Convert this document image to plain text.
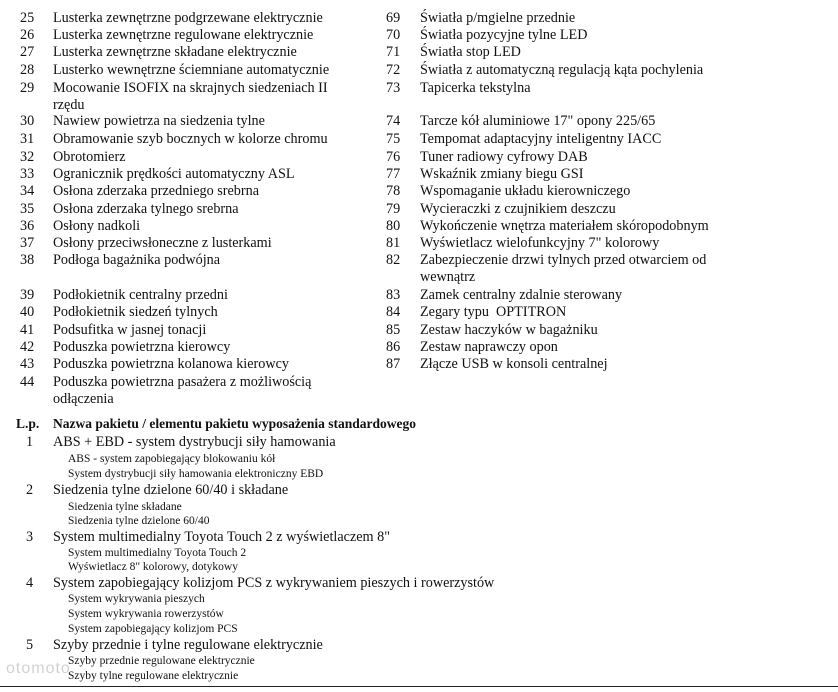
25 Lusterka zewnętrzne podgrzewane elektrycznie
26 Lusterka zewnętrzne regulowane elektrycznie
27 Lusterka zewnętrzne składane elektrycznie
28 Lusterko wewnętrzne ściemniane automatycznie
29 Mocowanie ISOFIX na skrajnych siedzeniach II rzędu
30 Nawiew powietrza na siedzenia tylne
31 Obramowanie szyb bocznych w kolorze chromu
32 Obrotomierz
33 Ogranicznik prędkości automatyczny ASL
34 Osłona zderzaka przedniego srebrna
35 Osłona zderzaka tylnego srebrna
36 Osłony nadkoli
37 Osłony przeciwsłoneczne z lusterkami
38 Podłoga bagażnika podwójna
39 Podłokietnik centralny przedni
40 Podłokietnik siedzeń tylnych
41 Podsufitka w jasnej tonacji
42 Poduszka powietrzna kierowcy
43 Poduszka powietrzna kolanowa kierowcy
44 Poduszka powietrzna pasażera z możliwością odłączenia
69 Światła p/mgielne przednie
70 Światła pozycyjne tylne LED
71 Światła stop LED
72 Światła z automatyczną regulacją kąta pochylenia
73 Tapicerka tekstylna
74 Tarcze kół aluminiowe 17" opony 225/65
75 Tempomat adaptacyjny inteligentny IACC
76 Tuner radiowy cyfrowy DAB
77 Wskaźnik zmiany biegu GSI
78 Wspomaganie układu kierowniczego
79 Wycieraczki z czujnikiem deszczu
80 Wykończenie wnętrza materiałem skóropodobnym
81 Wyświetlacz wielofunkcyjny 7" kolorowy
82 Zabezpieczenie drzwi tylnych przed otwarciem od wewnątrz
83 Zamek centralny zdalnie sterowany
84 Zegary typu  OPTITRON
85 Zestaw haczyków w bagażniku
86 Zestaw naprawczy opon
87 Złącze USB w konsoli centralnej
L.p. Nazwa pakietu / elementu pakietu wyposażenia standardowego
1 ABS + EBD - system dystrybucji siły hamowania
ABS - system zapobiegający blokowaniu kół
System dystrybucji siły hamowania elektroniczny EBD
2 Siedzenia tylne dzielone 60/40 i składane
Siedzenia tylne składane
Siedzenia tylne dzielone 60/40
3 System multimedialny Toyota Touch 2 z wyświetlaczem 8"
System multimedialny Toyota Touch 2
Wyświetlacz 8" kolorowy, dotykowy
4 System zapobiegający kolizjom PCS z wykrywaniem pieszych i rowerzystów
System wykrywania pieszych
System wykrywania rowerzystów
System zapobiegający kolizjom PCS
5 Szyby przednie i tylne regulowane elektrycznie
Szyby przednie regulowane elektrycznie
Szyby tylne regulowane elektrycznie
otomoto
